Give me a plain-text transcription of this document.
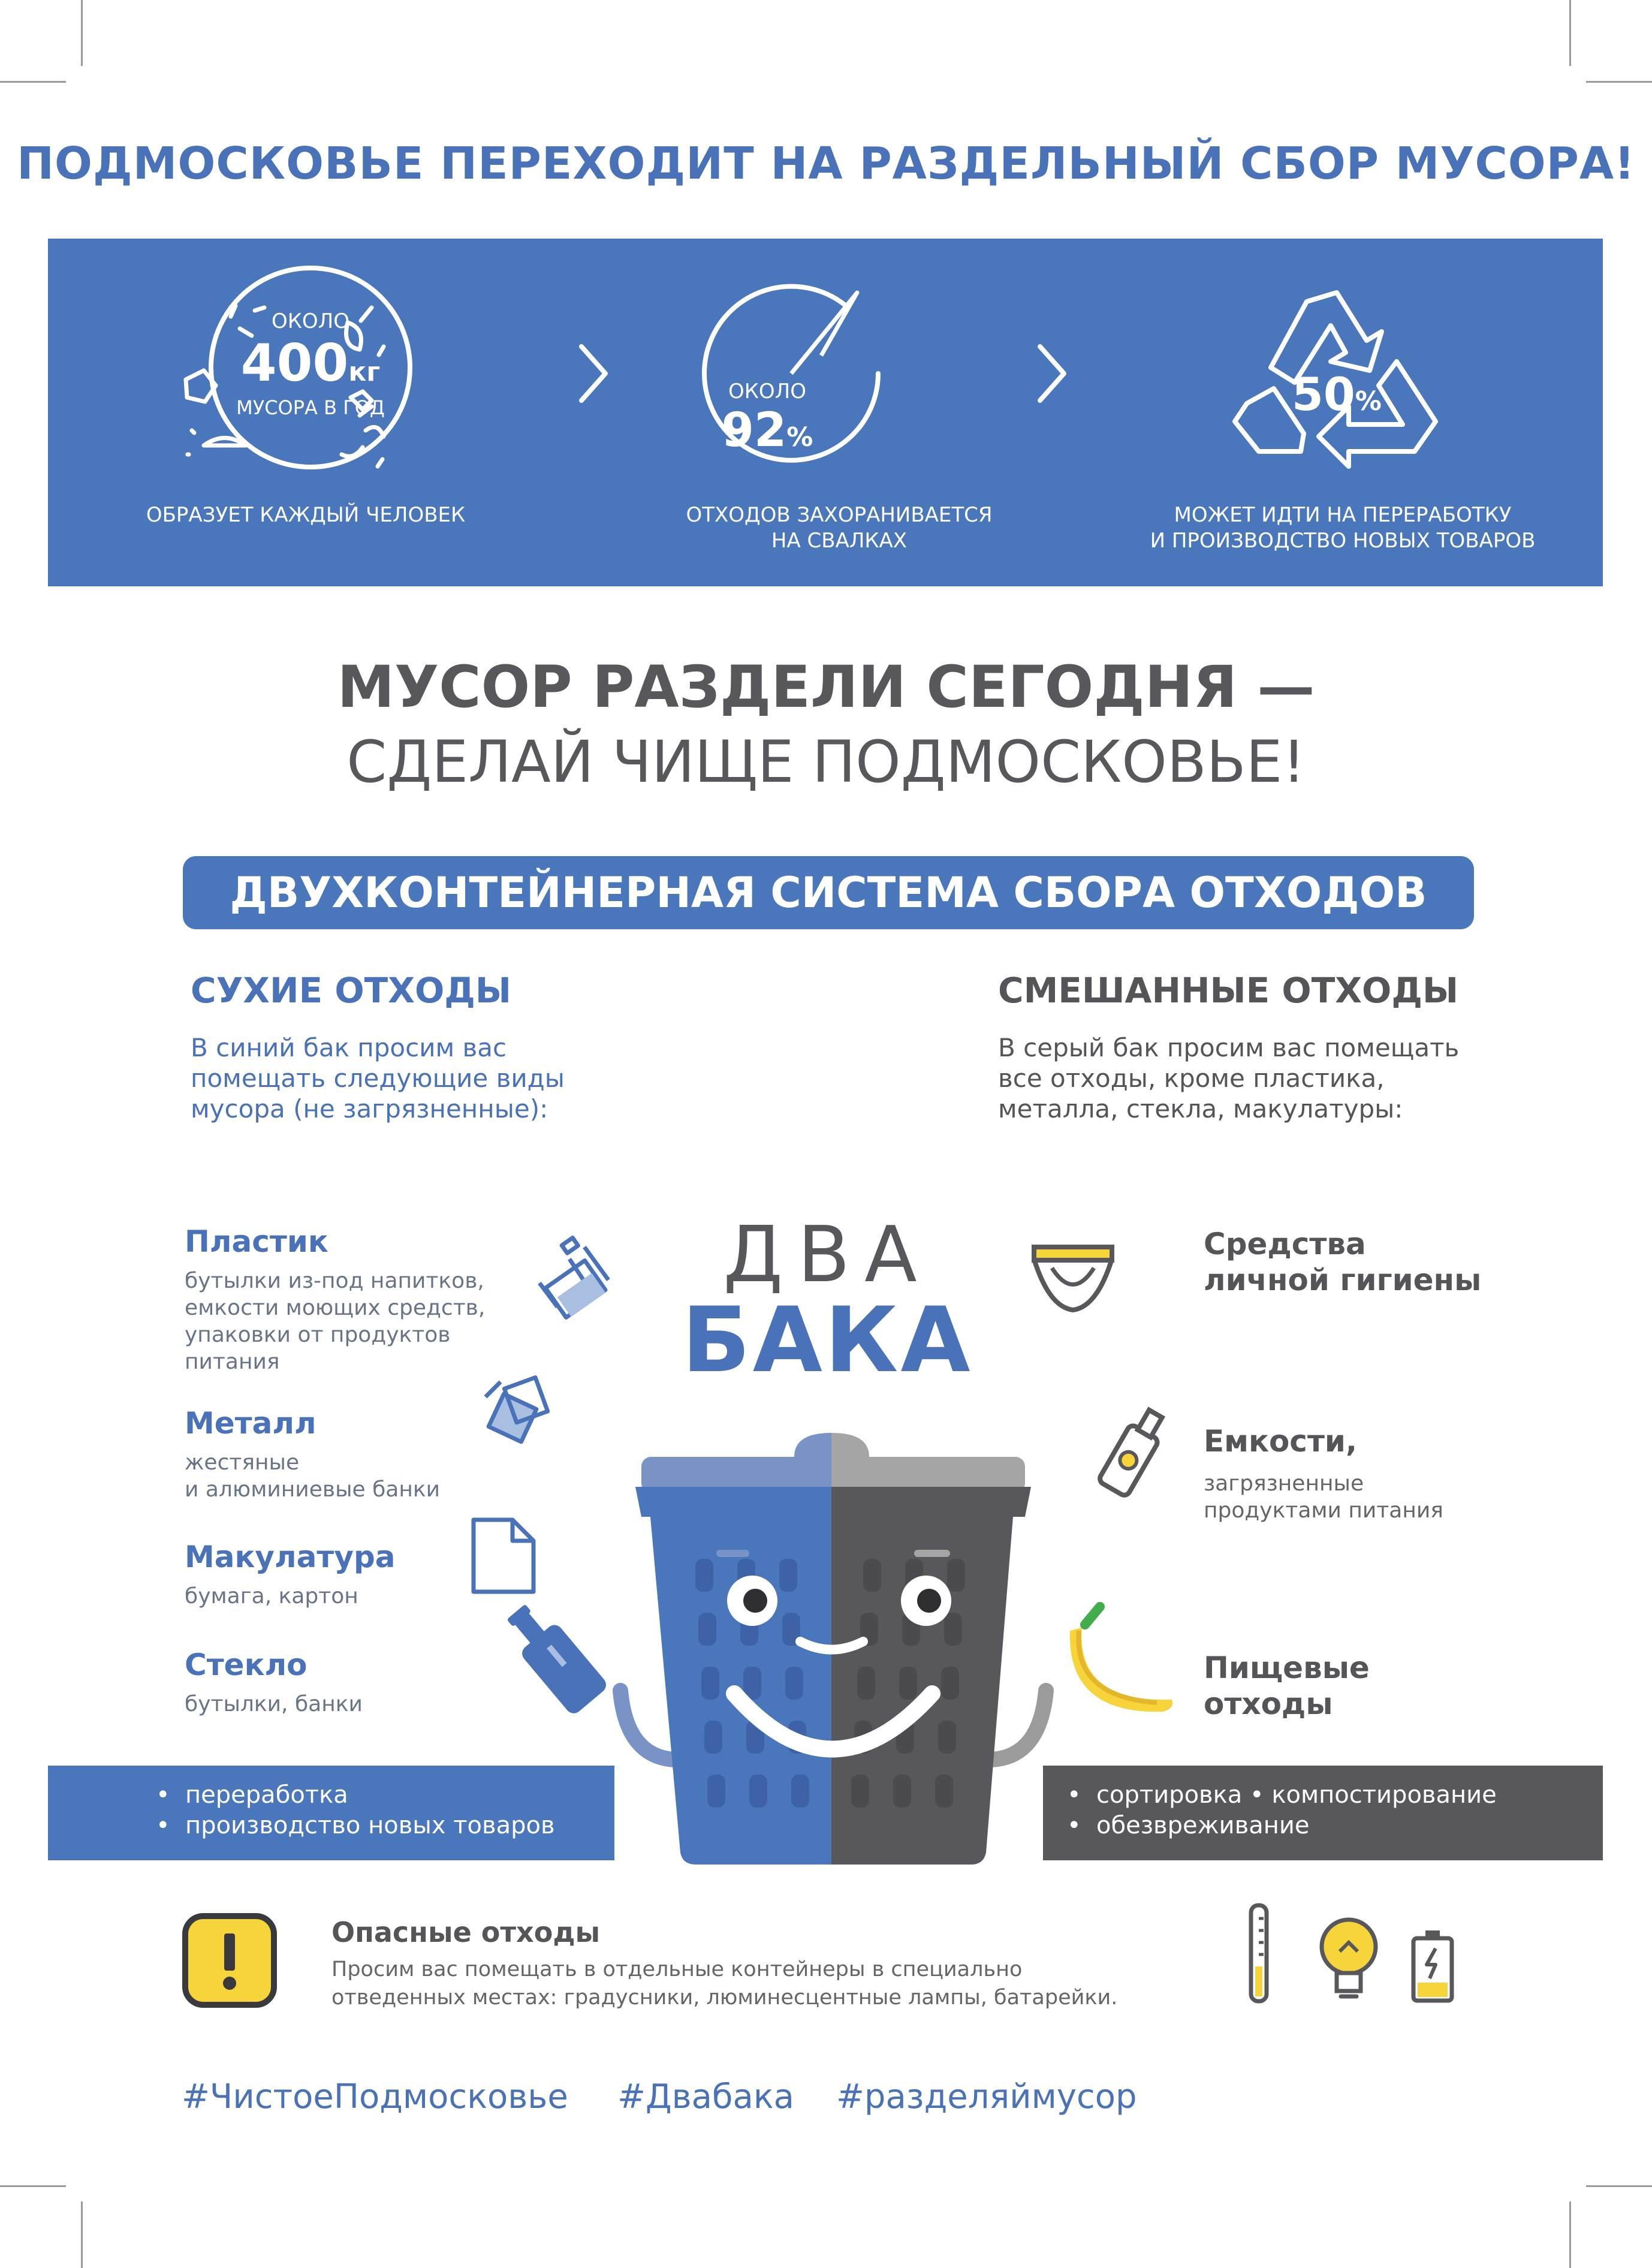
ПОДМОСКОВЬЕ ПЕРЕХОДИТ НА РАЗДЕЛЬНЫЙ СБОР МУСОРА!
ОКОЛО
400кг
МУСОРА В ГОД
ОБРАЗУЕТ КАЖДЫЙ ЧЕЛОВЕК
ОКОЛО
92%
ОТХОДОВ ЗАХОРАНИВАЕТСЯ
НА СВАЛКАХ
50%
МОЖЕТ ИДТИ НА ПЕРЕРАБОТКУ
И ПРОИЗВОДСТВО НОВЫХ ТОВАРОВ
МУСОР РАЗДЕЛИ СЕГОДНЯ —
СДЕЛАЙ ЧИЩЕ ПОДМОСКОВЬЕ!
ДВУХКОНТЕЙНЕРНАЯ СИСТЕМА СБОРА ОТХОДОВ
СУХИЕ ОТХОДЫ
В синий бак просим вас
помещать следующие виды
мусора (не загрязненные):
СМЕШАННЫЕ ОТХОДЫ
В серый бак просим вас помещать
все отходы, кроме пластика,
металла, стекла, макулатуры:
Пластик
бутылки из-под напитков,
емкости моющих средств,
упаковки от продуктов
питания
Металл
жестяные
и алюминиевые банки
Макулатура
бумага, картон
Стекло
бутылки, банки
Средства
личной гигиены
Емкости,
загрязненные
продуктами питания
Пищевые
отходы
ДВА
БАКА
•  переработка
•  производство новых товаров
•  сортировка • компостирование
•  обезвреживание
Опасные отходы
Просим вас помещать в отдельные контейнеры в специально
отведенных местах: градусники, люминесцентные лампы, батарейки.
#ЧистоеПодмосковье #Двабака #разделяймусор
